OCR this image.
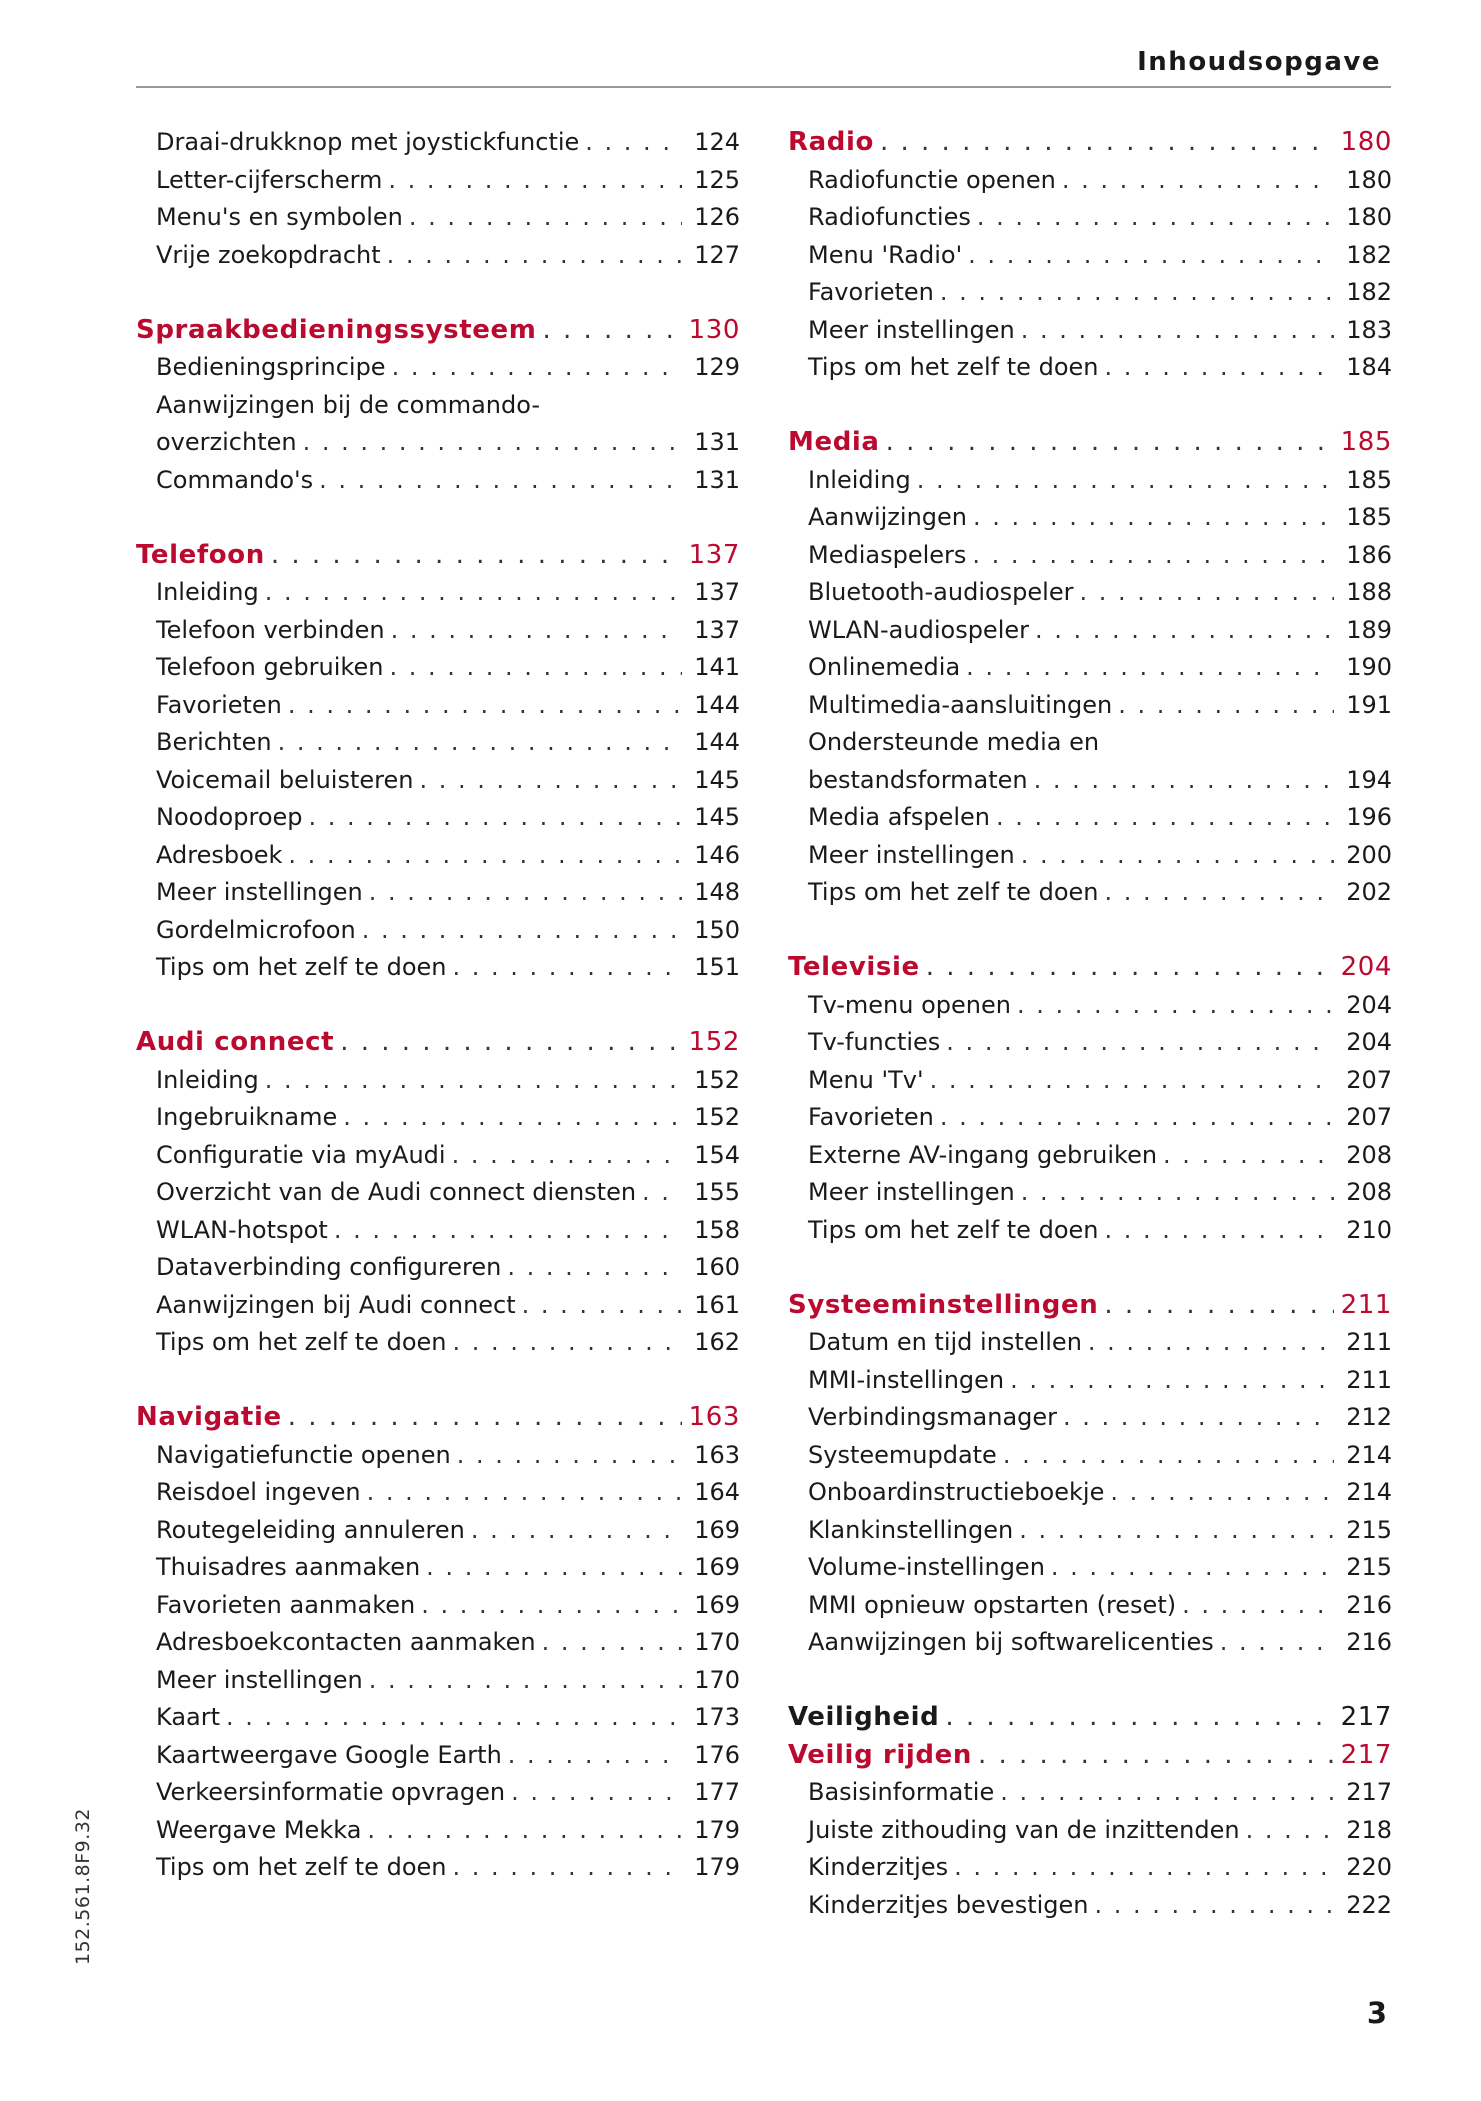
Inhoudsopgave
Draai-drukknop met joystickfunctie . . .	124
Letter-cijferscherm . . .	125
Menu's en symbolen . . .	126
Vrije zoekopdracht . . .	127
Spraakbedieningssysteem . . .	130
Bedieningsprincipe . . .	129
Aanwijzingen bij de commando-
overzichten . . .	131
Commando's . . .	131
Telefoon . . .	137
Inleiding . . .	137
Telefoon verbinden . . .	137
Telefoon gebruiken . . .	141
Favorieten . . .	144
Berichten . . .	144
Voicemail beluisteren . . .	145
Noodoproep . . .	145
Adresboek . . .	146
Meer instellingen . . .	148
Gordelmicrofoon . . .	150
Tips om het zelf te doen . . .	151
Audi connect . . .	152
Inleiding . . .	152
Ingebruikname . . .	152
Configuratie via myAudi . . .	154
Overzicht van de Audi connect diensten . . . 155
WLAN-hotspot . . .	158
Dataverbinding configureren . . .	160
Aanwijzingen bij Audi connect . . .	161
Tips om het zelf te doen . . .	162
Navigatie . . .	163
Navigatiefunctie openen . . .	163
Reisdoel ingeven . . .	164
Routegeleiding annuleren . . .	169
Thuisadres aanmaken . . .	169
Favorieten aanmaken . . .	169
Adresboekcontacten aanmaken . . .	170
Meer instellingen . . .	170
Kaart . . .	173
Kaartweergave Google Earth . . .	176
Verkeersinformatie opvragen . . .	177
Weergave Mekka . . .	179
Tips om het zelf te doen . . .	179
Radio . . .	180
Radiofunctie openen . . .	180
Radiofuncties . . .	180
Menu 'Radio' . . .	182
Favorieten . . .	182
Meer instellingen . . .	183
Tips om het zelf te doen . . .	184
Media . . .	185
Inleiding . . .	185
Aanwijzingen . . .	185
Mediaspelers . . .	186
Bluetooth-audiospeler . . .	188
WLAN-audiospeler . . .	189
Onlinemedia . . .	190
Multimedia-aansluitingen . . .	191
Ondersteunde media en
bestandsformaten . . .	194
Media afspelen . . .	196
Meer instellingen . . .	200
Tips om het zelf te doen . . .	202
Televisie . . .	204
Tv-menu openen . . .	204
Tv-functies . . .	204
Menu 'Tv' . . .	207
Favorieten . . .	207
Externe AV-ingang gebruiken . . .	208
Meer instellingen . . .	208
Tips om het zelf te doen . . .	210
Systeeminstellingen . . .	211
Datum en tijd instellen . . .	211
MMI-instellingen . . .	211
Verbindingsmanager . . .	212
Systeemupdate . . .	214
Onboardinstructieboekje . . .	214
Klankinstellingen . . .	215
Volume-instellingen . . .	215
MMI opnieuw opstarten (reset) . . .	216
Aanwijzingen bij softwarelicenties . . .	216
Veiligheid . . .	217
Veilig rijden . . .	217
Basisinformatie . . .	217
Juiste zithouding van de inzittenden . . .	218
Kinderzitjes . . .	220
Kinderzitjes bevestigen . . .	222
152.561.8F9.32
3
